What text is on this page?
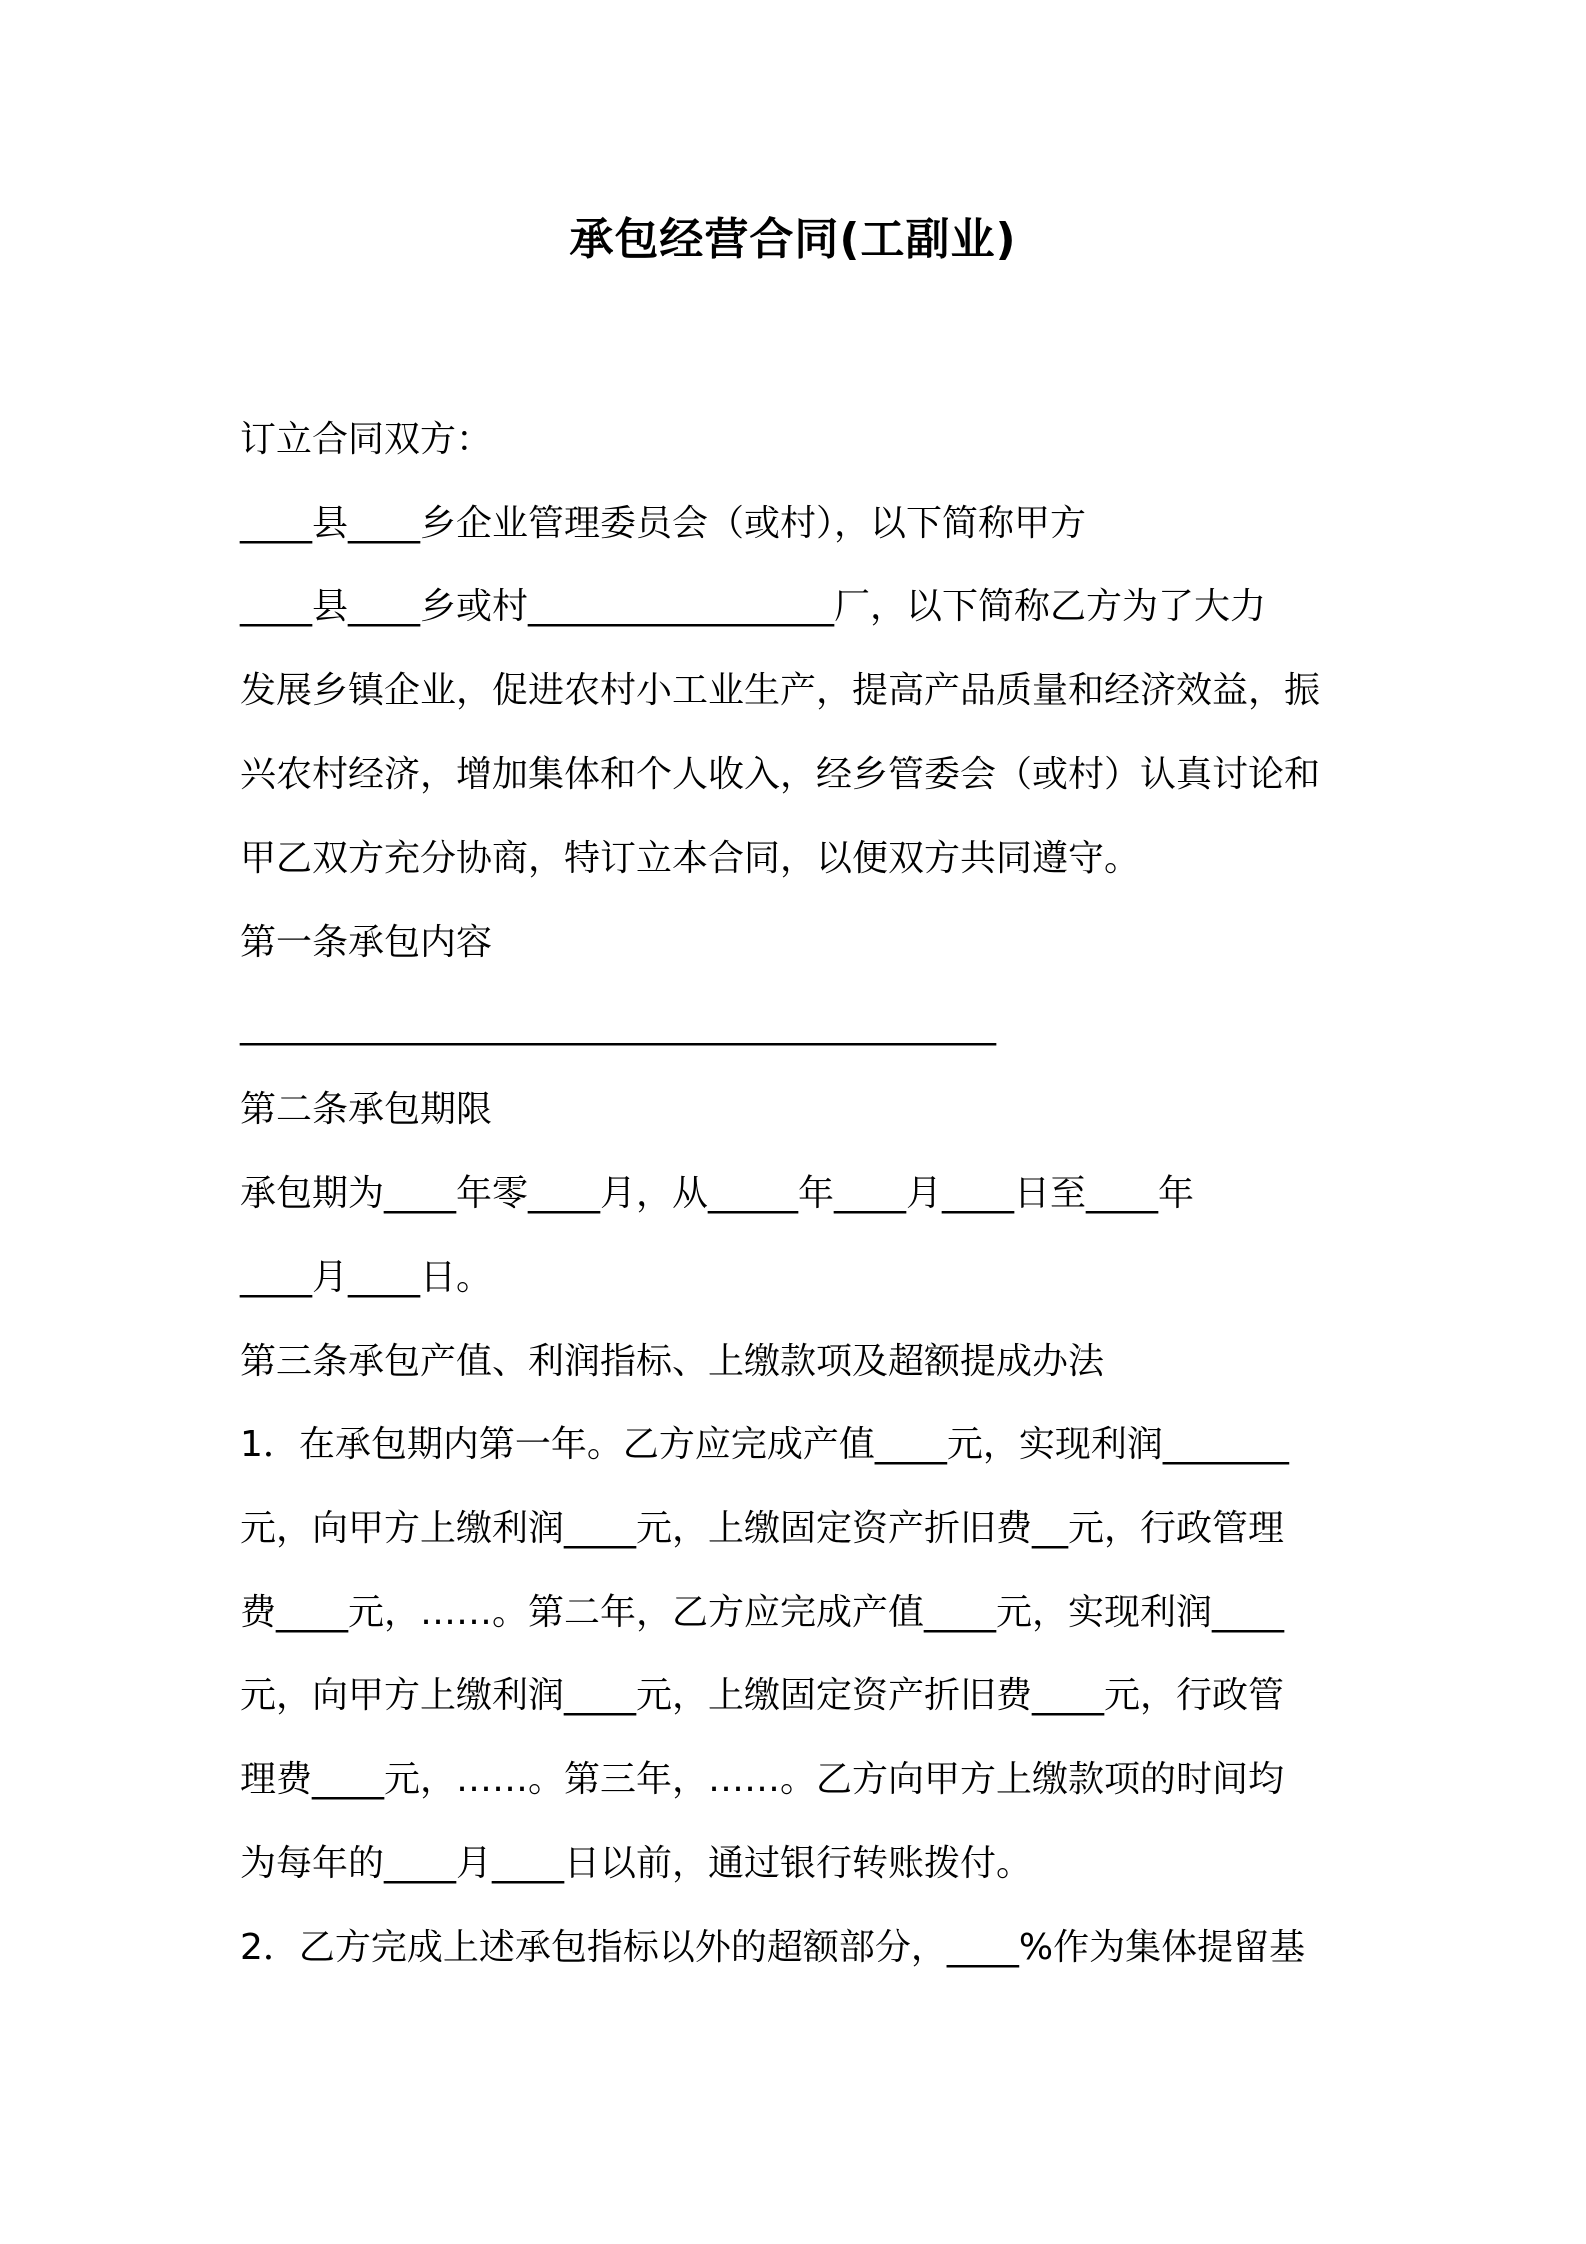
承包经营合同(工副业)
订立合同双方：
____县____乡企业管理委员会（或村），以下简称甲方
____县____乡或村_________________厂，以下简称乙方为了大力
发展乡镇企业，促进农村小工业生产，提高产品质量和经济效益，振
兴农村经济，增加集体和个人收入，经乡管委会（或村）认真讨论和
甲乙双方充分协商，特订立本合同，以便双方共同遵守。
第一条承包内容
__________________________________________
第二条承包期限
承包期为____年零____月，从_____年____月____日至____年
____月____日。
第三条承包产值、利润指标、上缴款项及超额提成办法
1．在承包期内第一年。乙方应完成产值____元，实现利润_______
元，向甲方上缴利润____元，上缴固定资产折旧费__元，行政管理
费____元，……。第二年，乙方应完成产值____元，实现利润____
元，向甲方上缴利润____元，上缴固定资产折旧费____元，行政管
理费____元，……。第三年，……。乙方向甲方上缴款项的时间均
为每年的____月____日以前，通过银行转账拨付。
2．乙方完成上述承包指标以外的超额部分，____%作为集体提留基
